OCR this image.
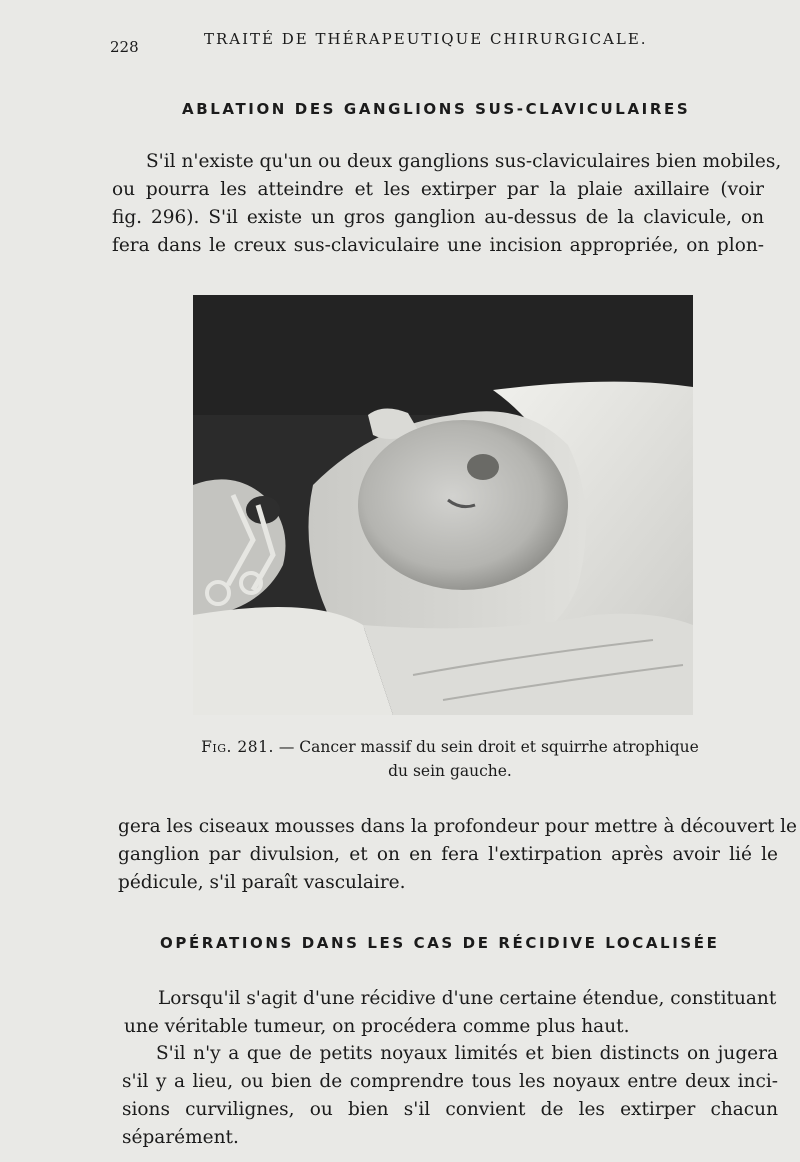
228	TRAITÉ DE THÉRAPEUTIQUE CHIRURGICALE.
ABLATION DES GANGLIONS SUS-CLAVICULAIRES
S'il n'existe qu'un ou deux ganglions sus-claviculaires bien mobiles,
ou pourra les atteindre et les extirper par la plaie axillaire (voir
fig. 296). S'il existe un gros ganglion au-dessus de la clavicule, on
fera dans le creux sus-claviculaire une incision appropriée, on plon-
Fig. 281. — Cancer massif du sein droit et squirrhe atrophique
du sein gauche.
gera les ciseaux mousses dans la profondeur pour mettre à découvert le
ganglion par divulsion, et on en fera l'extirpation après avoir lié le
pédicule, s'il paraît vasculaire.
OPÉRATIONS DANS LES CAS DE RÉCIDIVE LOCALISÉE
Lorsqu'il s'agit d'une récidive d'une certaine étendue, constituant
une véritable tumeur, on procédera comme plus haut.
S'il n'y a que de petits noyaux limités et bien distincts on jugera
s'il y a lieu, ou bien de comprendre tous les noyaux entre deux inci-
sions curvilignes, ou bien s'il convient de les extirper chacun
séparément.
